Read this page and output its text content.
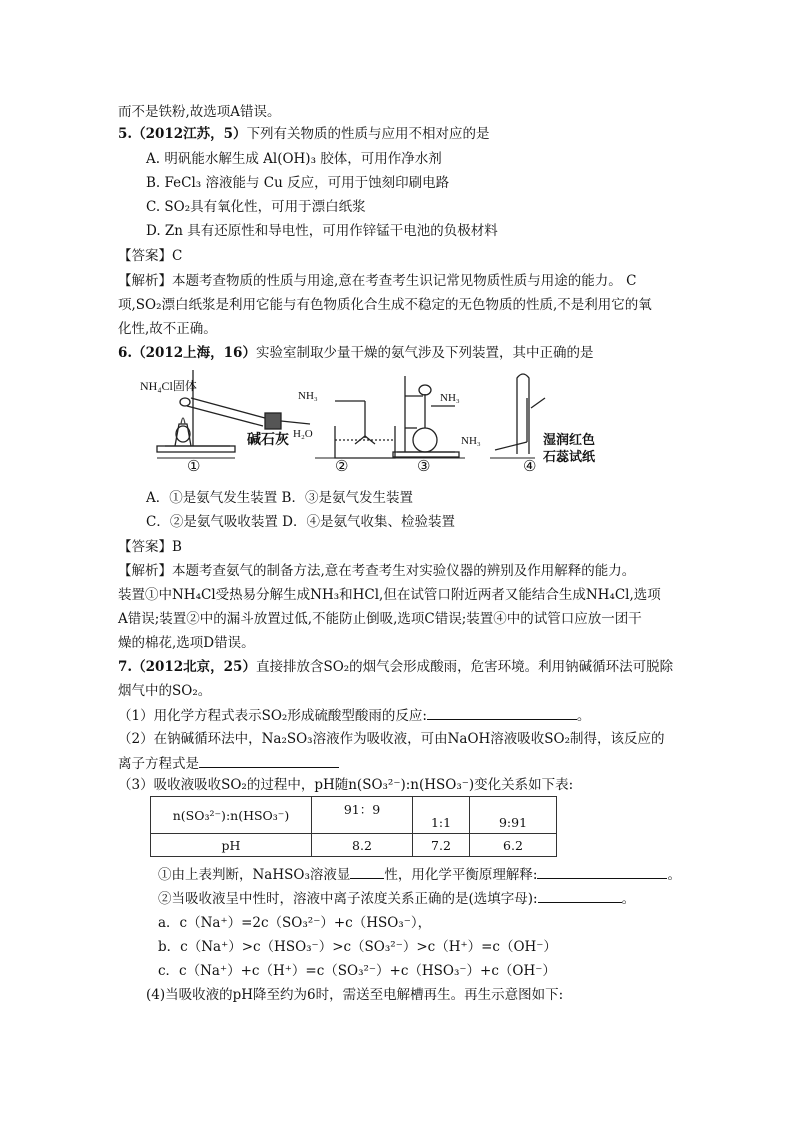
而不是铁粉,故选项A错误。
5.（2012江苏，5）下列有关物质的性质与应用不相对应的是
A. 明矾能水解生成 Al(OH)₃ 胶体，可用作净水剂
B. FeCl₃ 溶液能与 Cu 反应，可用于蚀刻印刷电路
C. SO₂具有氧化性，可用于漂白纸浆
D. Zn 具有还原性和导电性，可用作锌锰干电池的负极材料
【答案】C
【解析】本题考查物质的性质与用途,意在考查考生识记常见物质性质与用途的能力。 C
项,SO₂漂白纸浆是利用它能与有色物质化合生成不稳定的无色物质的性质,不是利用它的氧
化性,故不正确。
6.（2012上海，16）实验室制取少量干燥的氨气涉及下列装置，其中正确的是
NH₄Cl固体
碱石灰
①
NH₃
H₂O
②
NH₃
③
NH₃	湿润红色
石蕊试纸
④
A．①是氨气发生装置 B．③是氨气发生装置
C．②是氨气吸收装置 D．④是氨气收集、检验装置
【答案】B
【解析】本题考查氨气的制备方法,意在考查考生对实验仪器的辨别及作用解释的能力。
装置①中NH₄Cl受热易分解生成NH₃和HCl,但在试管口附近两者又能结合生成NH₄Cl,选项
A错误;装置②中的漏斗放置过低,不能防止倒吸,选项C错误;装置④中的试管口应放一团干
燥的棉花,选项D错误。
7.（2012北京，25）直接排放含SO₂的烟气会形成酸雨，危害环境。利用钠碱循环法可脱除
烟气中的SO₂。
（1）用化学方程式表示SO₂形成硫酸型酸雨的反应:	。
（2）在钠碱循环法中，Na₂SO₃溶液作为吸收液，可由NaOH溶液吸收SO₂制得，该反应的
离子方程式是
（3）吸收液吸收SO₂的过程中，pH随n(SO₃²⁻):n(HSO₃⁻)变化关系如下表:
n(SO₃²⁻):n(HSO₃⁻)	91：9	1:1	9:91
pH	8.2	7.2	6.2
①由上表判断，NaHSO₃溶液显	性，用化学平衡原理解释:	。
②当吸收液呈中性时，溶液中离子浓度关系正确的是(选填字母):	。
a．c（Na⁺）=2c（SO₃²⁻）+c（HSO₃⁻），
b．c（Na⁺）>c（HSO₃⁻）>c（SO₃²⁻）>c（H⁺）=c（OH⁻）
c．c（Na⁺）+c（H⁺）=c（SO₃²⁻）+c（HSO₃⁻）+c（OH⁻）
(4)当吸收液的pH降至约为6时，需送至电解槽再生。再生示意图如下:
